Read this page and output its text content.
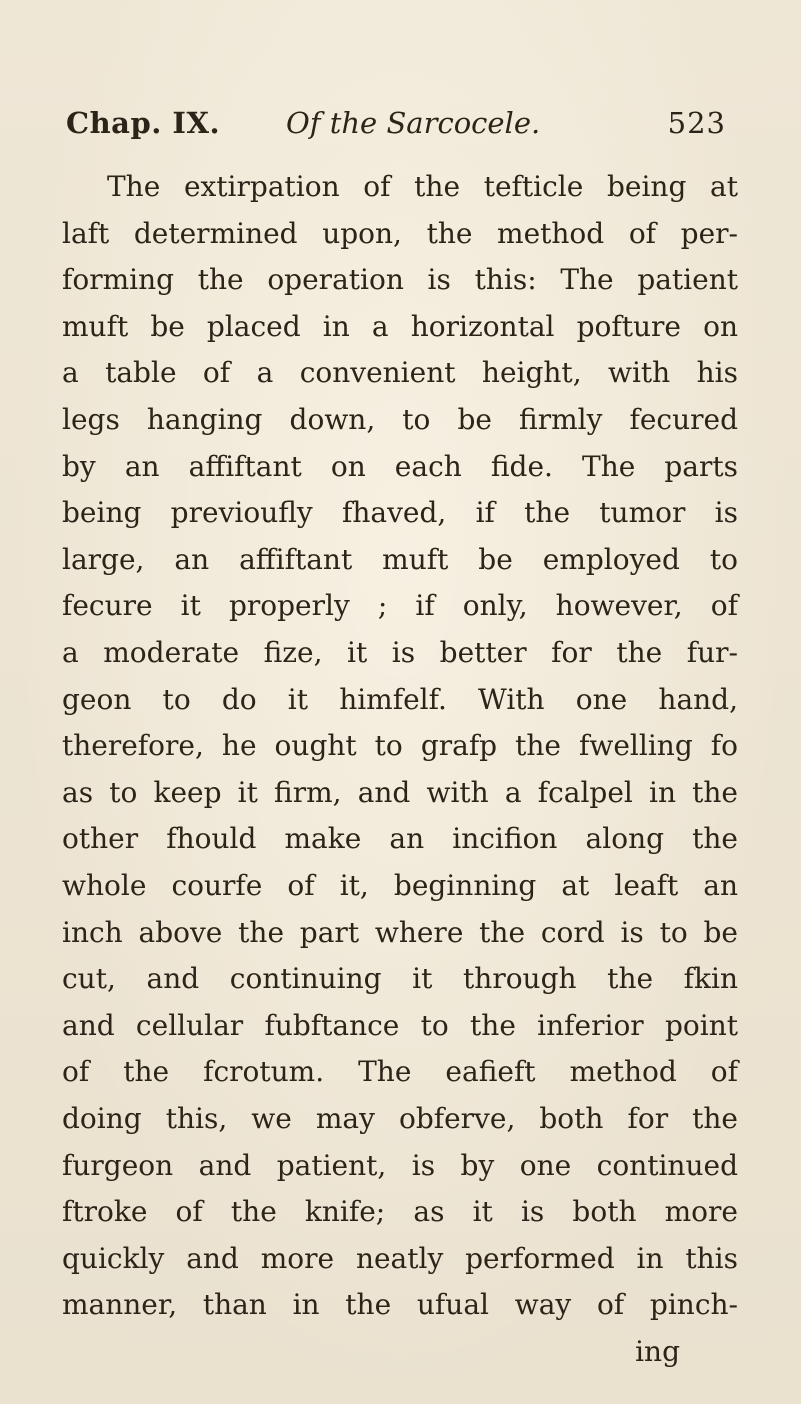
Chap. IX. Of the Sarcocele.	523
The extirpation of the tefticle being at
laft determined upon, the method of per-
forming the operation is this: The patient
muft be placed in a horizontal pofture on
a table of a convenient height, with his
legs hanging down, to be firmly fecured
by an affiftant on each fide. The parts
being previoufly fhaved, if the tumor is
large, an affiftant muft be employed to
fecure it properly ; if only, however, of
a moderate fize, it is better for the fur-
geon to do it himfelf. With one hand,
therefore, he ought to grafp the fwelling fo
as to keep it firm, and with a fcalpel in the
other fhould make an incifion along the
whole courfe of it, beginning at leaft an
inch above the part where the cord is to be
cut, and continuing it through the fkin
and cellular fubftance to the inferior point
of the fcrotum. The eafieft method of
doing this, we may obferve, both for the
furgeon and patient, is by one continued
ftroke of the knife; as it is both more
quickly and more neatly performed in this
manner, than in the ufual way of pinch-
ing
